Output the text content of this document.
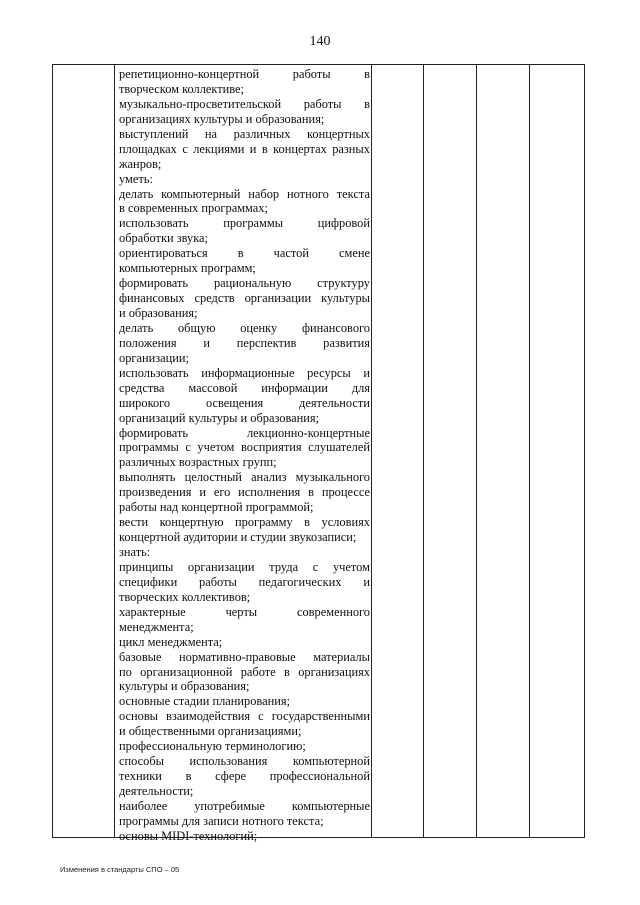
140
репетиционно-концертной	работы	в
творческом коллективе;
музыкально-просветительской работы в
организациях культуры и образования;
выступлений на различных концертных
площадках с лекциями и в концертах разных
жанров;
уметь:
делать компьютерный набор нотного текста
в современных программах;
использовать	программы	цифровой
обработки звука;
ориентироваться в частой смене
компьютерных программ;
формировать рациональную структуру
финансовых средств организации культуры
и образования;
делать общую оценку финансового
положения и перспектив развития
организации;
использовать информационные ресурсы и
средства массовой информации для
широкого	освещения	деятельности
организаций культуры и образования;
формировать	лекционно-концертные
программы с учетом восприятия слушателей
различных возрастных групп;
выполнять целостный анализ музыкального
произведения и его исполнения в процессе
работы над концертной программой;
вести концертную программу в условиях
концертной аудитории и студии звукозаписи;
знать:
принципы организации труда с учетом
специфики работы педагогических и
творческих коллективов;
характерные	черты	современного
менеджмента;
цикл менеджмента;
базовые нормативно-правовые материалы
по организационной работе в организациях
культуры и образования;
основные стадии планирования;
основы взаимодействия с государственными
и общественными организациями;
профессиональную терминологию;
способы использования компьютерной
техники в сфере профессиональной
деятельности;
наиболее употребимые компьютерные
программы для записи нотного текста;
основы MIDI-технологий;
Изменения в стандарты СПО – 05
